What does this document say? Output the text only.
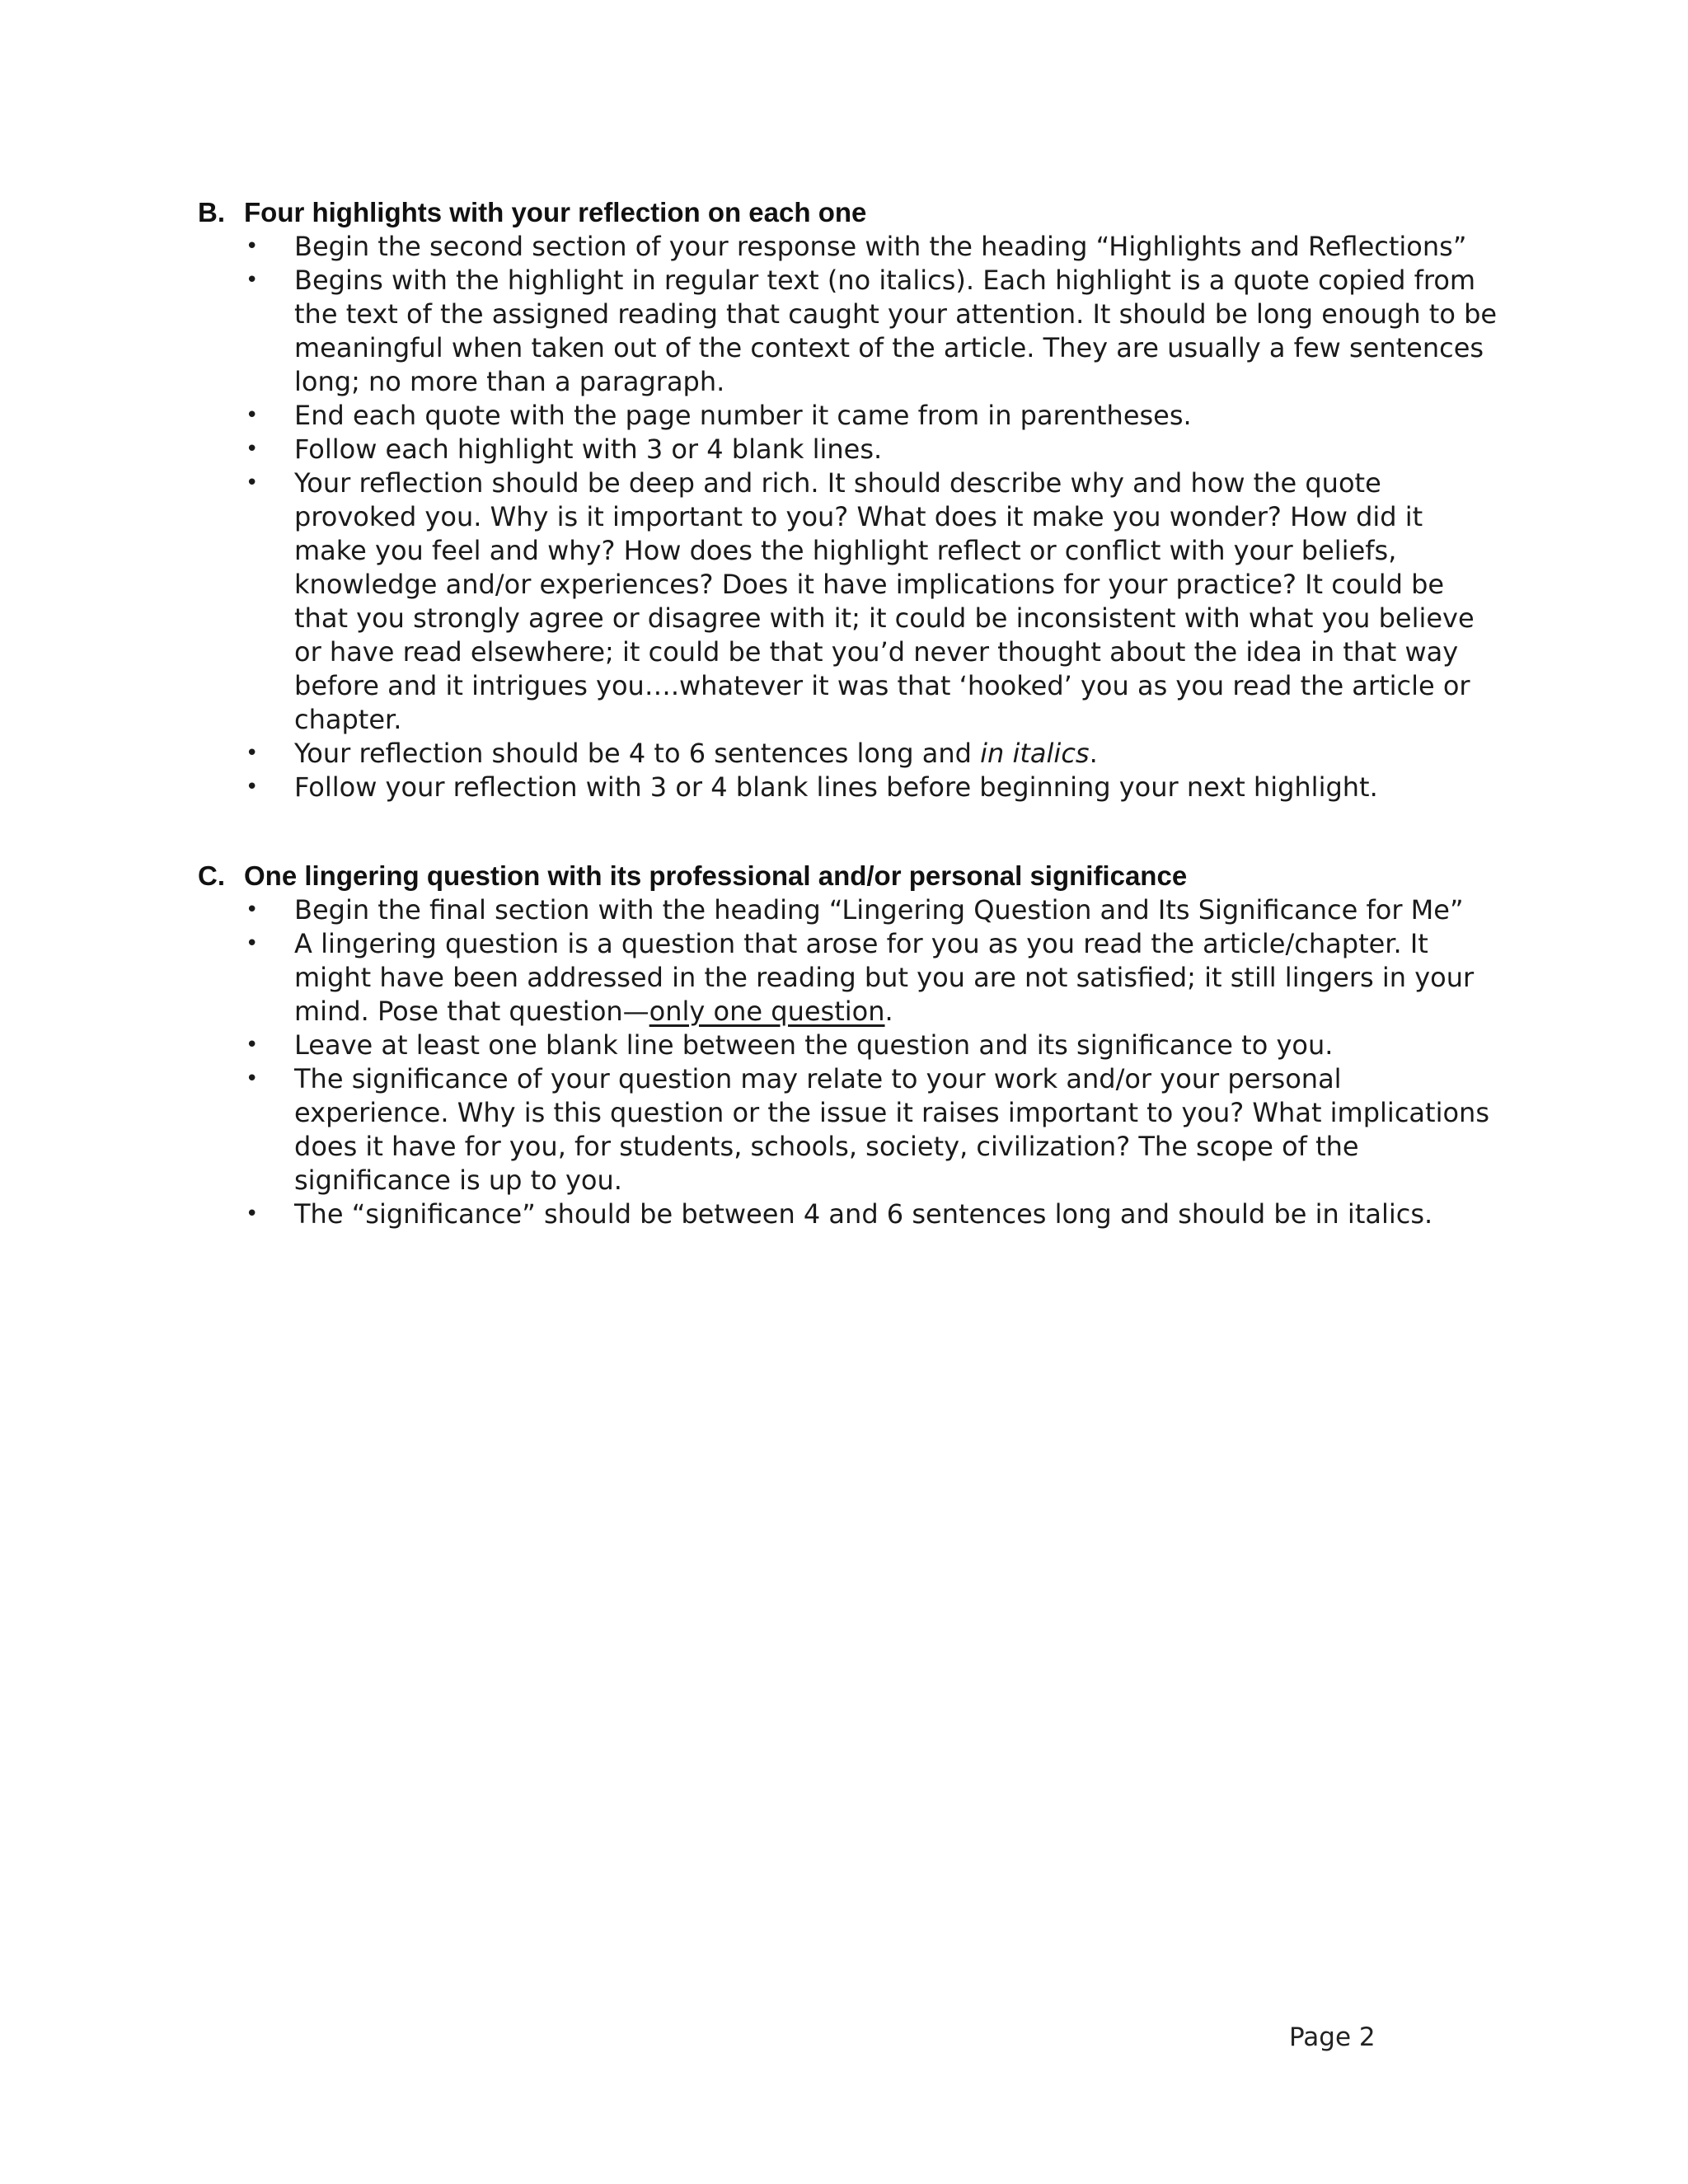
B. Four highlights with your reflection on each one
• Begin the second section of your response with the heading “Highlights and Reflections”
• Begins with the highlight in regular text (no italics). Each highlight is a quote copied from the text of the assigned reading that caught your attention. It should be long enough to be meaningful when taken out of the context of the article. They are usually a few sentences long; no more than a paragraph.
• End each quote with the page number it came from in parentheses.
• Follow each highlight with 3 or 4 blank lines.
• Your reflection should be deep and rich. It should describe why and how the quote provoked you. Why is it important to you? What does it make you wonder? How did it make you feel and why? How does the highlight reflect or conflict with your beliefs, knowledge and/or experiences? Does it have implications for your practice? It could be that you strongly agree or disagree with it; it could be inconsistent with what you believe or have read elsewhere; it could be that you’d never thought about the idea in that way before and it intrigues you….whatever it was that ‘hooked’ you as you read the article or chapter.
• Your reflection should be 4 to 6 sentences long and in italics.
• Follow your reflection with 3 or 4 blank lines before beginning your next highlight.
C. One lingering question with its professional and/or personal significance
• Begin the final section with the heading “Lingering Question and Its Significance for Me”
• A lingering question is a question that arose for you as you read the article/chapter. It might have been addressed in the reading but you are not satisfied; it still lingers in your mind. Pose that question—only one question.
• Leave at least one blank line between the question and its significance to you.
• The significance of your question may relate to your work and/or your personal experience. Why is this question or the issue it raises important to you? What implications does it have for you, for students, schools, society, civilization? The scope of the significance is up to you.
• The “significance” should be between 4 and 6 sentences long and should be in italics.
Page 2
